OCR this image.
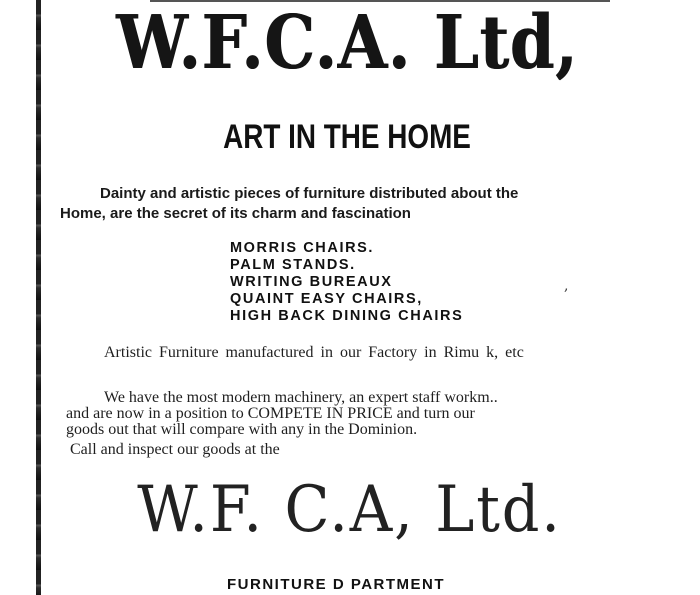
W.F.C.A. Ltd,
ART IN THE HOME
Dainty and artistic pieces of furniture distributed about the
Home, are the secret of its charm and fascination
MORRIS CHAIRS.
PALM STANDS.
WRITING BUREAUX
QUAINT EASY CHAIRS,
HIGH BACK DINING CHAIRS
,
Artistic Furniture manufactured in our Factory in Rimu k, etc
We have the most modern machinery, an expert staff workm..
and are now in a position to COMPETE IN PRICE and turn our
goods out that will compare with any in the Dominion.
Call and inspect our goods at the
W.F. C.A, Ltd.
FURNITURE D PARTMENT
